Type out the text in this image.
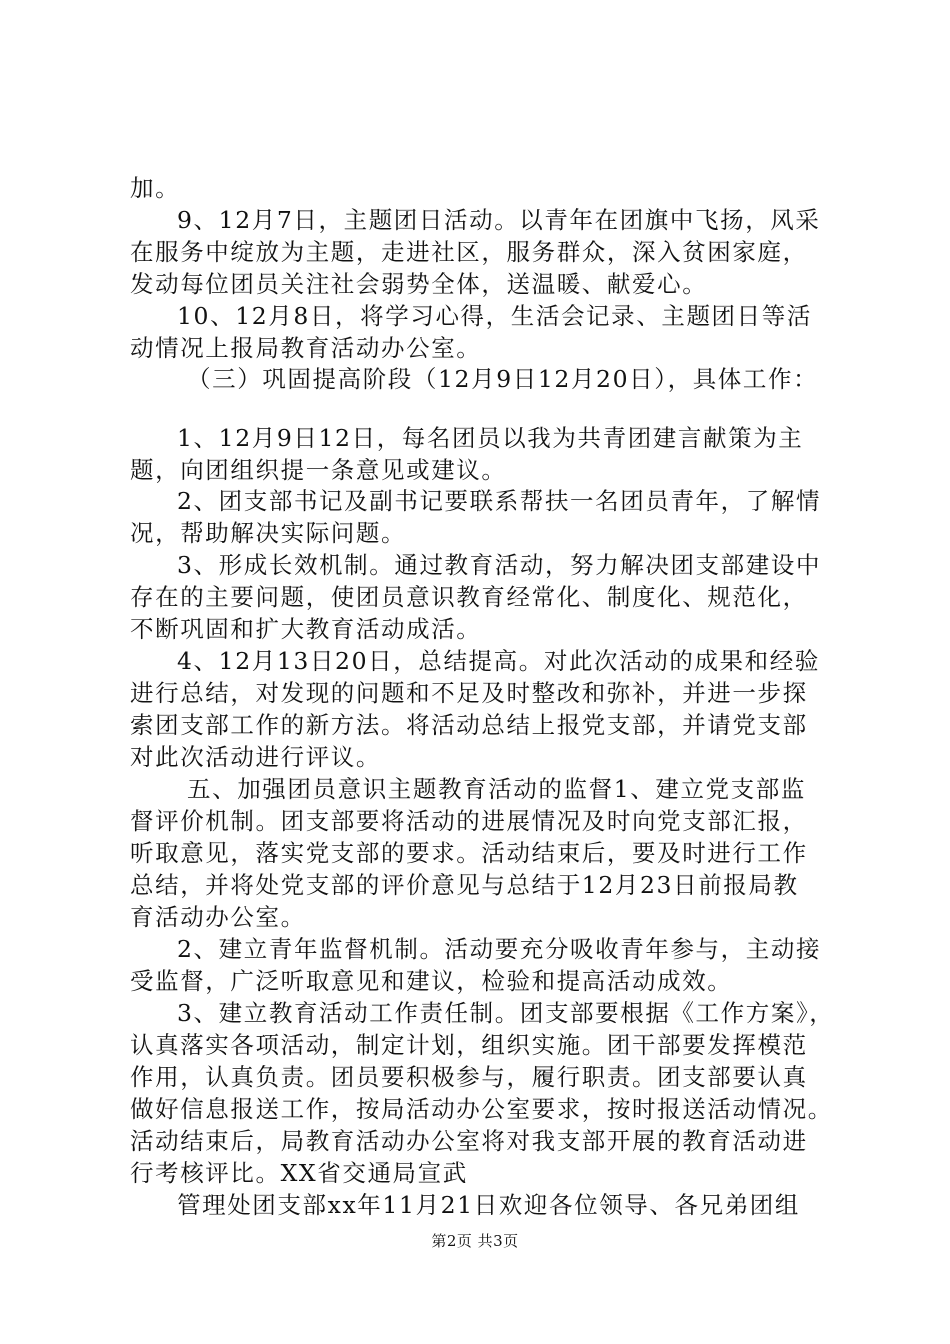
加。
9、12月7日，主题团日活动。以青年在团旗中飞扬，风采
在服务中绽放为主题，走进社区，服务群众，深入贫困家庭，
发动每位团员关注社会弱势全体，送温暖、献爱心。
10、12月8日，将学习心得，生活会记录、主题团日等活
动情况上报局教育活动办公室。
（三）巩固提高阶段（12月9日12月20日），具体工作：
1、12月9日12日，每名团员以我为共青团建言献策为主
题，向团组织提一条意见或建议。
2、团支部书记及副书记要联系帮扶一名团员青年，了解情
况，帮助解决实际问题。
3、形成长效机制。通过教育活动，努力解决团支部建设中
存在的主要问题，使团员意识教育经常化、制度化、规范化，
不断巩固和扩大教育活动成活。
4、12月13日20日，总结提高。对此次活动的成果和经验
进行总结，对发现的问题和不足及时整改和弥补，并进一步探
索团支部工作的新方法。将活动总结上报党支部，并请党支部
对此次活动进行评议。
五、加强团员意识主题教育活动的监督1、建立党支部监
督评价机制。团支部要将活动的进展情况及时向党支部汇报，
听取意见，落实党支部的要求。活动结束后，要及时进行工作
总结，并将处党支部的评价意见与总结于12月23日前报局教
育活动办公室。
2、建立青年监督机制。活动要充分吸收青年参与，主动接
受监督，广泛听取意见和建议，检验和提高活动成效。
3、建立教育活动工作责任制。团支部要根据《工作方案》，
认真落实各项活动，制定计划，组织实施。团干部要发挥模范
作用，认真负责。团员要积极参与，履行职责。团支部要认真
做好信息报送工作，按局活动办公室要求，按时报送活动情况。
活动结束后，局教育活动办公室将对我支部开展的教育活动进
行考核评比。XX省交通局宣武
管理处团支部xx年11月21日欢迎各位领导、各兄弟团组
第2页 共3页
